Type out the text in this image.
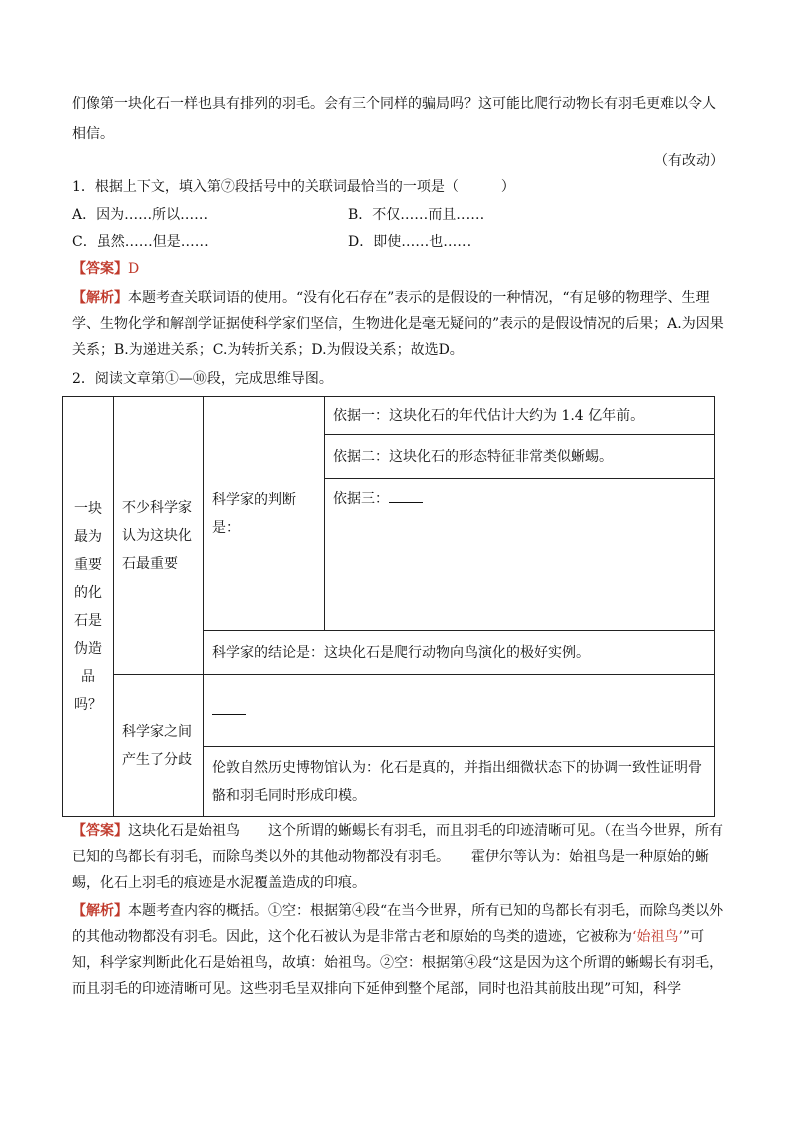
们像第一块化石一样也具有排列的羽毛。会有三个同样的骗局吗？这可能比爬行动物长有羽毛更难以令人
相信。
（有改动）
1．根据上下文，填入第⑦段括号中的关联词最恰当的一项是（　　　）
A．因为……所以……	B．不仅……而且……
C．虽然……但是……	D．即使……也……
【答案】D
【解析】本题考查关联词语的使用。“没有化石存在”表示的是假设的一种情况，“有足够的物理学、生理学、生物化学和解剖学证据使科学家们坚信，生物进化是毫无疑问的”表示的是假设情况的后果；A.为因果关系；B.为递进关系；C.为转折关系；D.为假设关系；故选D。
2．阅读文章第①—⑩段，完成思维导图。
一块最为重要的化石是伪造品吗？	不少科学家认为这块化石最重要	科学家的判断是：	依据一：这块化石的年代估计大约为 1.4 亿年前。
			依据二：这块化石的形态特征非常类似蜥蜴。
			依据三：
		科学家的结论是：这块化石是爬行动物向鸟演化的极好实例。	
	科学家之间产生了分歧		
		伦敦自然历史博物馆认为：化石是真的，并指出细微状态下的协调一致性证明骨骼和羽毛同时形成印模。	
【答案】这块化石是始祖鸟　　这个所谓的蜥蜴长有羽毛，而且羽毛的印迹清晰可见。（在当今世界，所有已知的鸟都长有羽毛，而除鸟类以外的其他动物都没有羽毛。　　霍伊尔等认为：始祖鸟是一种原始的蜥蜴，化石上羽毛的痕迹是水泥覆盖造成的印痕。
【解析】本题考查内容的概括。①空：根据第④段“在当今世界，所有已知的鸟都长有羽毛，而除鸟类以外的其他动物都没有羽毛。因此，这个化石被认为是非常古老和原始的鸟类的遗迹，它被称为‘始祖鸟’”可知，科学家判断此化石是始祖鸟，故填：始祖鸟。②空：根据第④段“这是因为这个所谓的蜥蜴长有羽毛，而且羽毛的印迹清晰可见。这些羽毛呈双排向下延伸到整个尾部，同时也沿其前肢出现”可知，科学
